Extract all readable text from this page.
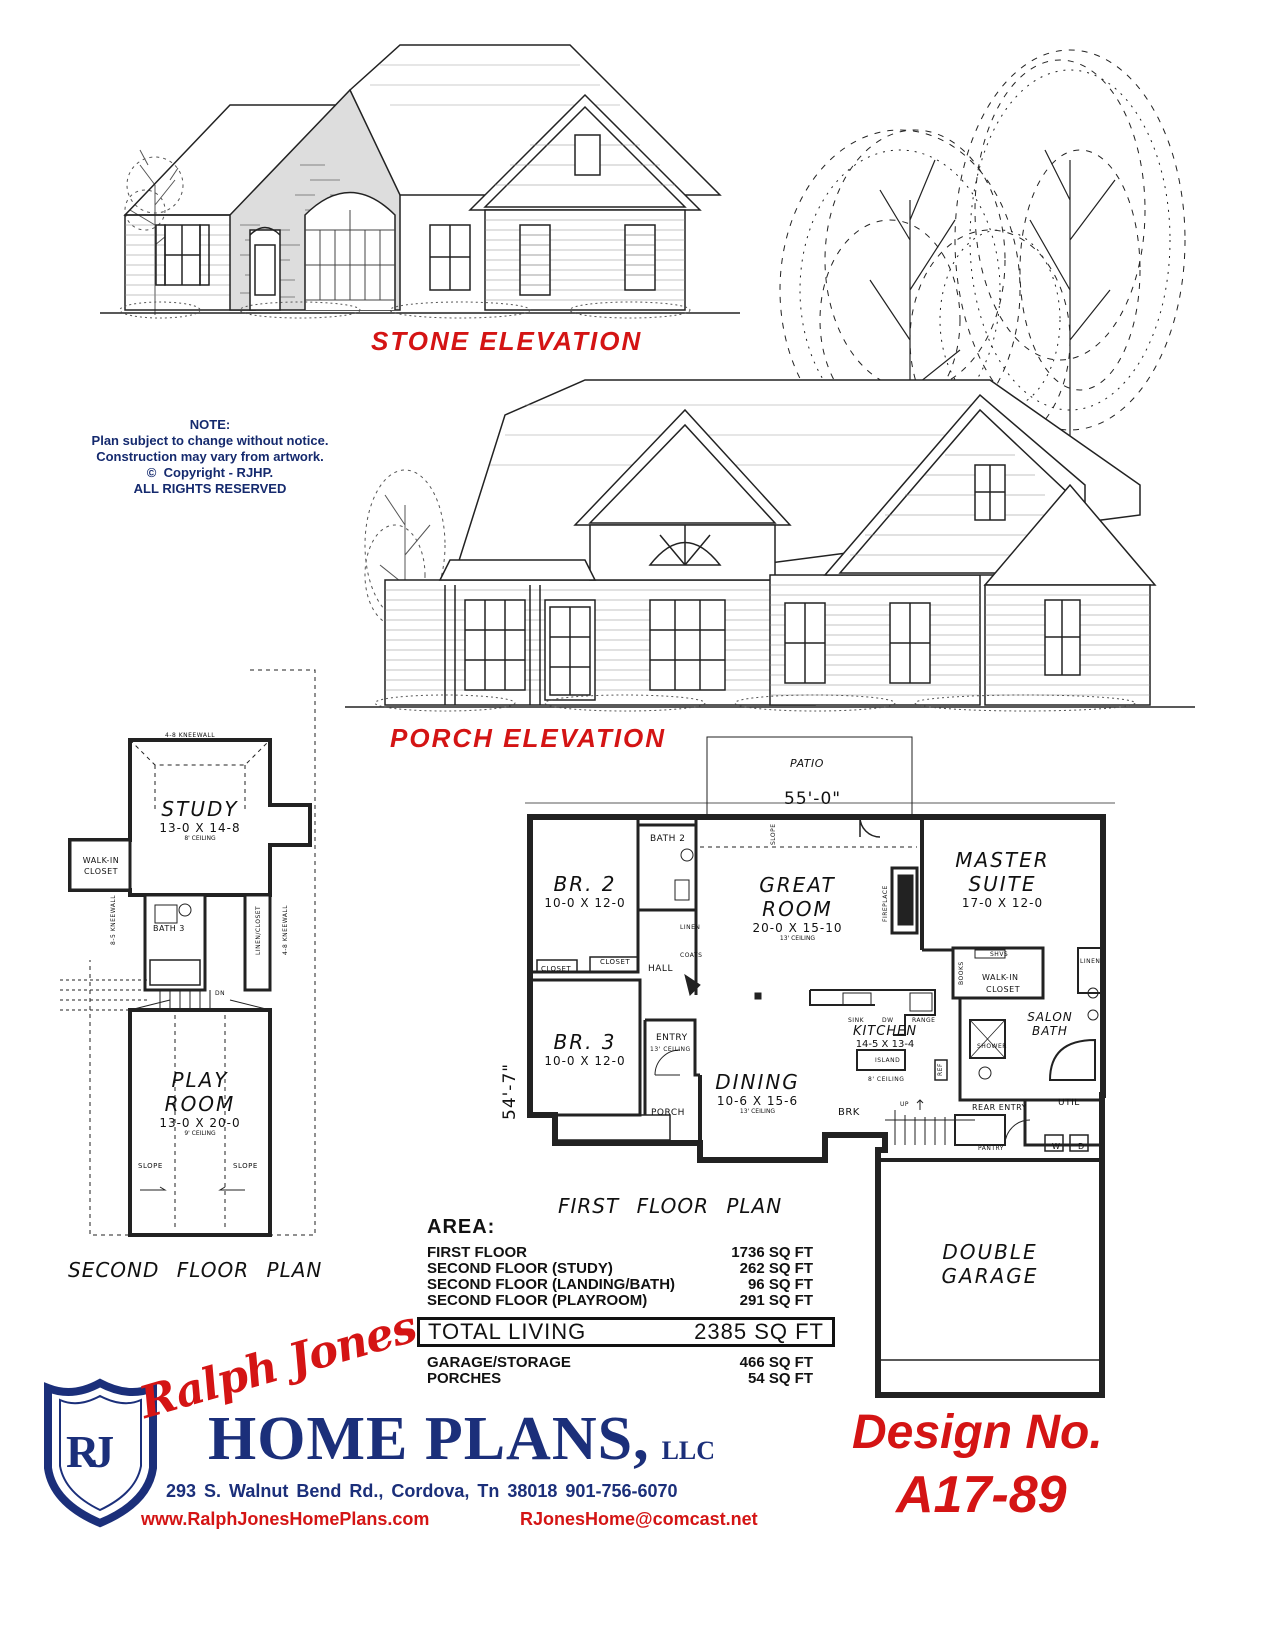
STONE ELEVATION
NOTE:
Plan subject to change without notice.
Construction may vary from artwork.
© Copyright - RJHP.
ALL RIGHTS RESERVED
PORCH ELEVATION
4-8 KNEEWALL
STUDY
13-0 X 14-8
8' CEILING
WALK-IN
CLOSET
BATH 3
DN
8-5 KNEEWALL	LINEN/CLOSET	4-8 KNEEWALL
PLAY
ROOM
13-0 X 20-0
9' CEILING
SLOPE	SLOPE
SECOND FLOOR PLAN
PATIO
55'-0"
54'-7"
SLOPE
BATH 2
BR. 2
10-0 X 12-0
CLOSET
CLOSET
HALL
LINEN
COATS
BR. 3
10-0 X 12-0
ENTRY
13' CEILING
PORCH
GREAT
ROOM
20-0 X 15-10
13' CEILING
FIREPLACE
MASTER
SUITE
17-0 X 12-0
BOOKS
SHVS
WALK-IN
CLOSET
LINEN
SALON
BATH
SHOWER
SINK	DW	RANGE
KITCHEN
14-5 X 13-4
ISLAND
8' CEILING
REF
DINING
10-6 X 15-6
13' CEILING	BRK
UP	REAR ENTRY	UTIL
PANTRY	W D
DOUBLE
GARAGE
FIRST FLOOR PLAN
AREA:
FIRST FLOOR	1736 SQ FT
SECOND FLOOR (STUDY)	262 SQ FT
SECOND FLOOR (LANDING/BATH)	96 SQ FT
SECOND FLOOR (PLAYROOM)	291 SQ FT
TOTAL LIVING	2385 SQ FT
GARAGE/STORAGE	466 SQ FT
PORCHES	54 SQ FT
RJ HOME PLANS, LLC
Ralph Jones
293 S. Walnut Bend Rd., Cordova, Tn 38018 901-756-6070
www.RalphJonesHomePlans.com	RJonesHome@comcast.net
Design No.
A17-89
